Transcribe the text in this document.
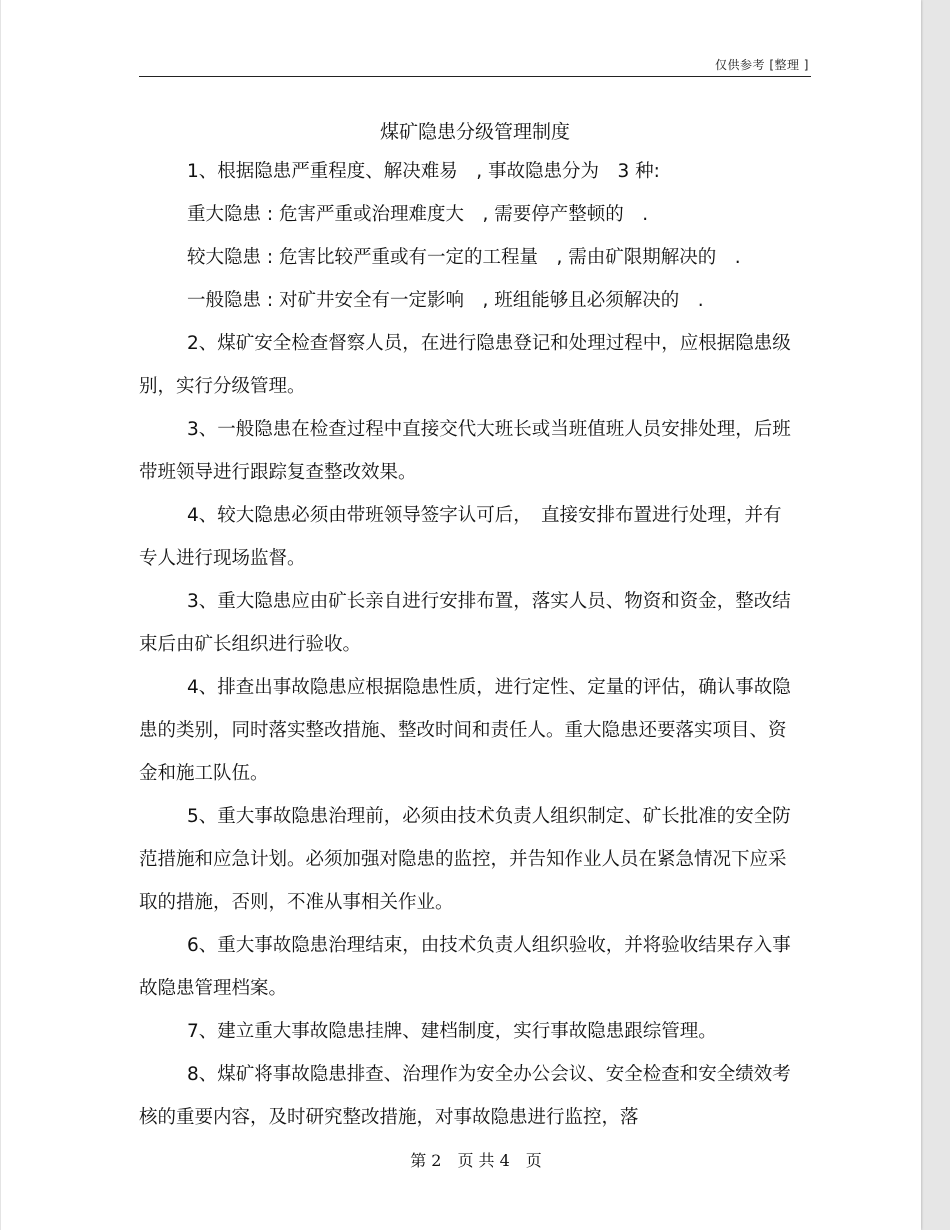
仅供参考 [整理 ]
煤矿隐患分级管理制度

1、根据隐患严重程度、解决难易　, 事故隐患分为　3 种:

重大隐患 : 危害严重或治理难度大　, 需要停产整顿的　.

较大隐患 : 危害比较严重或有一定的工程量　, 需由矿限期解决的　.

一般隐患 : 对矿井安全有一定影响　, 班组能够且必须解决的　.

2、煤矿安全检查督察人员，在进行隐患登记和处理过程中，应根据隐患级别，实行分级管理。

3、一般隐患在检查过程中直接交代大班长或当班值班人员安排处理，后班带班领导进行跟踪复查整改效果。

4、较大隐患必须由带班领导签字认可后，　直接安排布置进行处理，并有专人进行现场监督。

3、重大隐患应由矿长亲自进行安排布置，落实人员、物资和资金，整改结束后由矿长组织进行验收。

4、排查出事故隐患应根据隐患性质，进行定性、定量的评估，确认事故隐患的类别，同时落实整改措施、整改时间和责任人。重大隐患还要落实项目、资金和施工队伍。

5、重大事故隐患治理前，必须由技术负责人组织制定、矿长批准的安全防范措施和应急计划。必须加强对隐患的监控，并告知作业人员在紧急情况下应采取的措施，否则，不准从事相关作业。

6、重大事故隐患治理结束，由技术负责人组织验收，并将验收结果存入事故隐患管理档案。

7、建立重大事故隐患挂牌、建档制度，实行事故隐患跟综管理。

8、煤矿将事故隐患排查、治理作为安全办公会议、安全检查和安全绩效考核的重要内容，及时研究整改措施，对事故隐患进行监控，落

第 2　页 共 4　页
